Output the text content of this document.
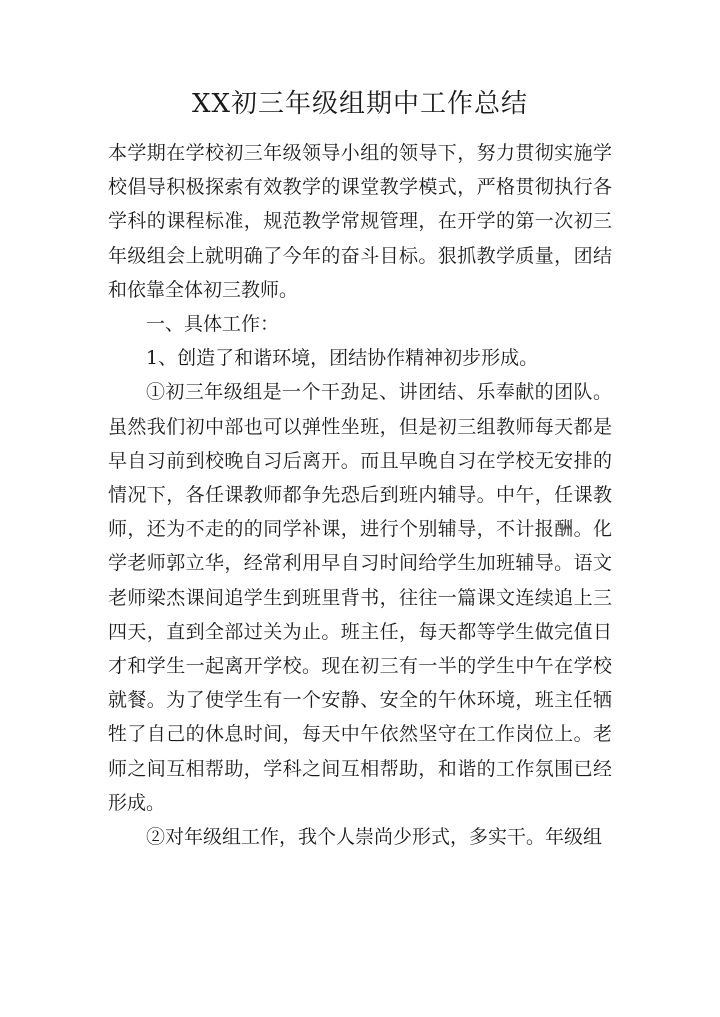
XX初三年级组期中工作总结

本学期在学校初三年级领导小组的领导下，努力贯彻实施学校倡导积极探索有效教学的课堂教学模式，严格贯彻执行各学科的课程标准，规范教学常规管理，在开学的第一次初三年级组会上就明确了今年的奋斗目标。狠抓教学质量，团结和依靠全体初三教师。

一、具体工作：

1、创造了和谐环境，团结协作精神初步形成。

①初三年级组是一个干劲足、讲团结、乐奉献的团队。虽然我们初中部也可以弹性坐班，但是初三组教师每天都是早自习前到校晚自习后离开。而且早晚自习在学校无安排的情况下，各任课教师都争先恐后到班内辅导。中午，任课教师，还为不走的的同学补课，进行个别辅导，不计报酬。化学老师郭立华，经常利用早自习时间给学生加班辅导。语文老师梁杰课间追学生到班里背书，往往一篇课文连续追上三四天，直到全部过关为止。班主任，每天都等学生做完值日才和学生一起离开学校。现在初三有一半的学生中午在学校就餐。为了使学生有一个安静、安全的午休环境，班主任牺牲了自己的休息时间，每天中午依然坚守在工作岗位上。老师之间互相帮助，学科之间互相帮助，和谐的工作氛围已经形成。

②对年级组工作，我个人崇尚少形式，多实干。年级组
